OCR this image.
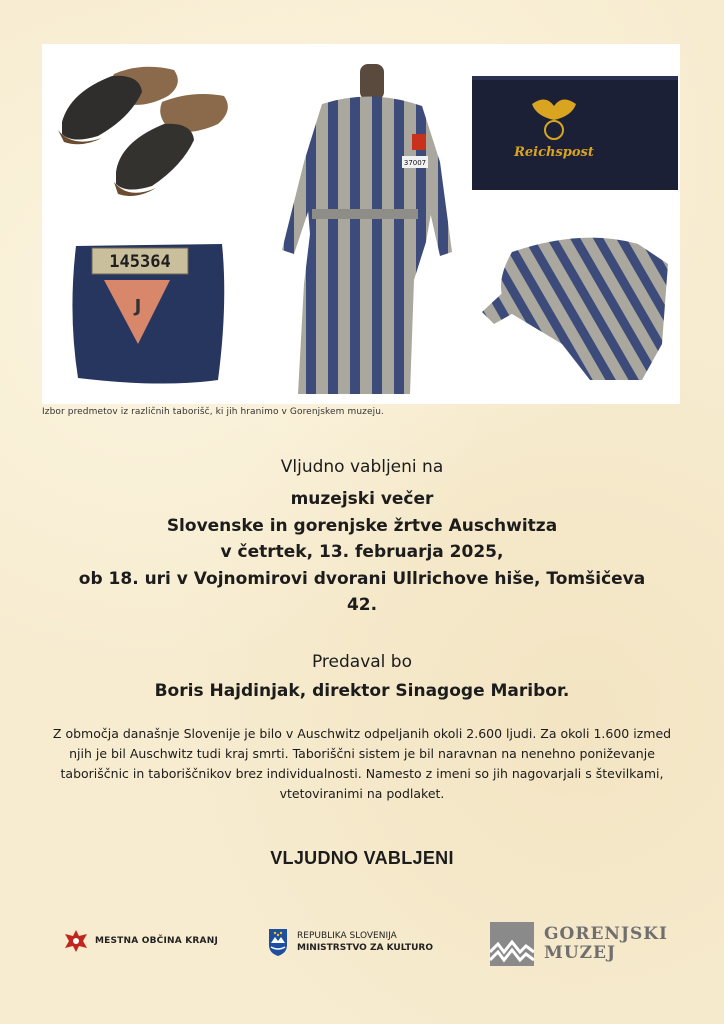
145364
J
37007
Reichspost
Izbor predmetov iz različnih taborišč, ki jih hranimo v Gorenjskem muzeju.
Vljudno vabljeni na
muzejski večer
Slovenske in gorenjske žrtve Auschwitza
v četrtek, 13. februarja 2025,
ob 18. uri v Vojnomirovi dvorani Ullrichove hiše, Tomšičeva
42.
Predaval bo
Boris Hajdinjak, direktor Sinagoge Maribor.
Z območja današnje Slovenije je bilo v Auschwitz odpeljanih okoli 2.600 ljudi. Za okoli 1.600 izmed njih je bil Auschwitz tudi kraj smrti. Taboriščni sistem je bil naravnan na nenehno poniževanje taboriščnic in taboriščnikov brez individualnosti. Namesto z imeni so jih nagovarjali s številkami, vtetoviranimi na podlaket.
VLJUDNO VABLJENI
MESTNA OBČINA KRANJ	REPUBLIKA SLOVENIJA
MINISTRSTVO ZA KULTURO
GORENJSKI
MUZEJ
